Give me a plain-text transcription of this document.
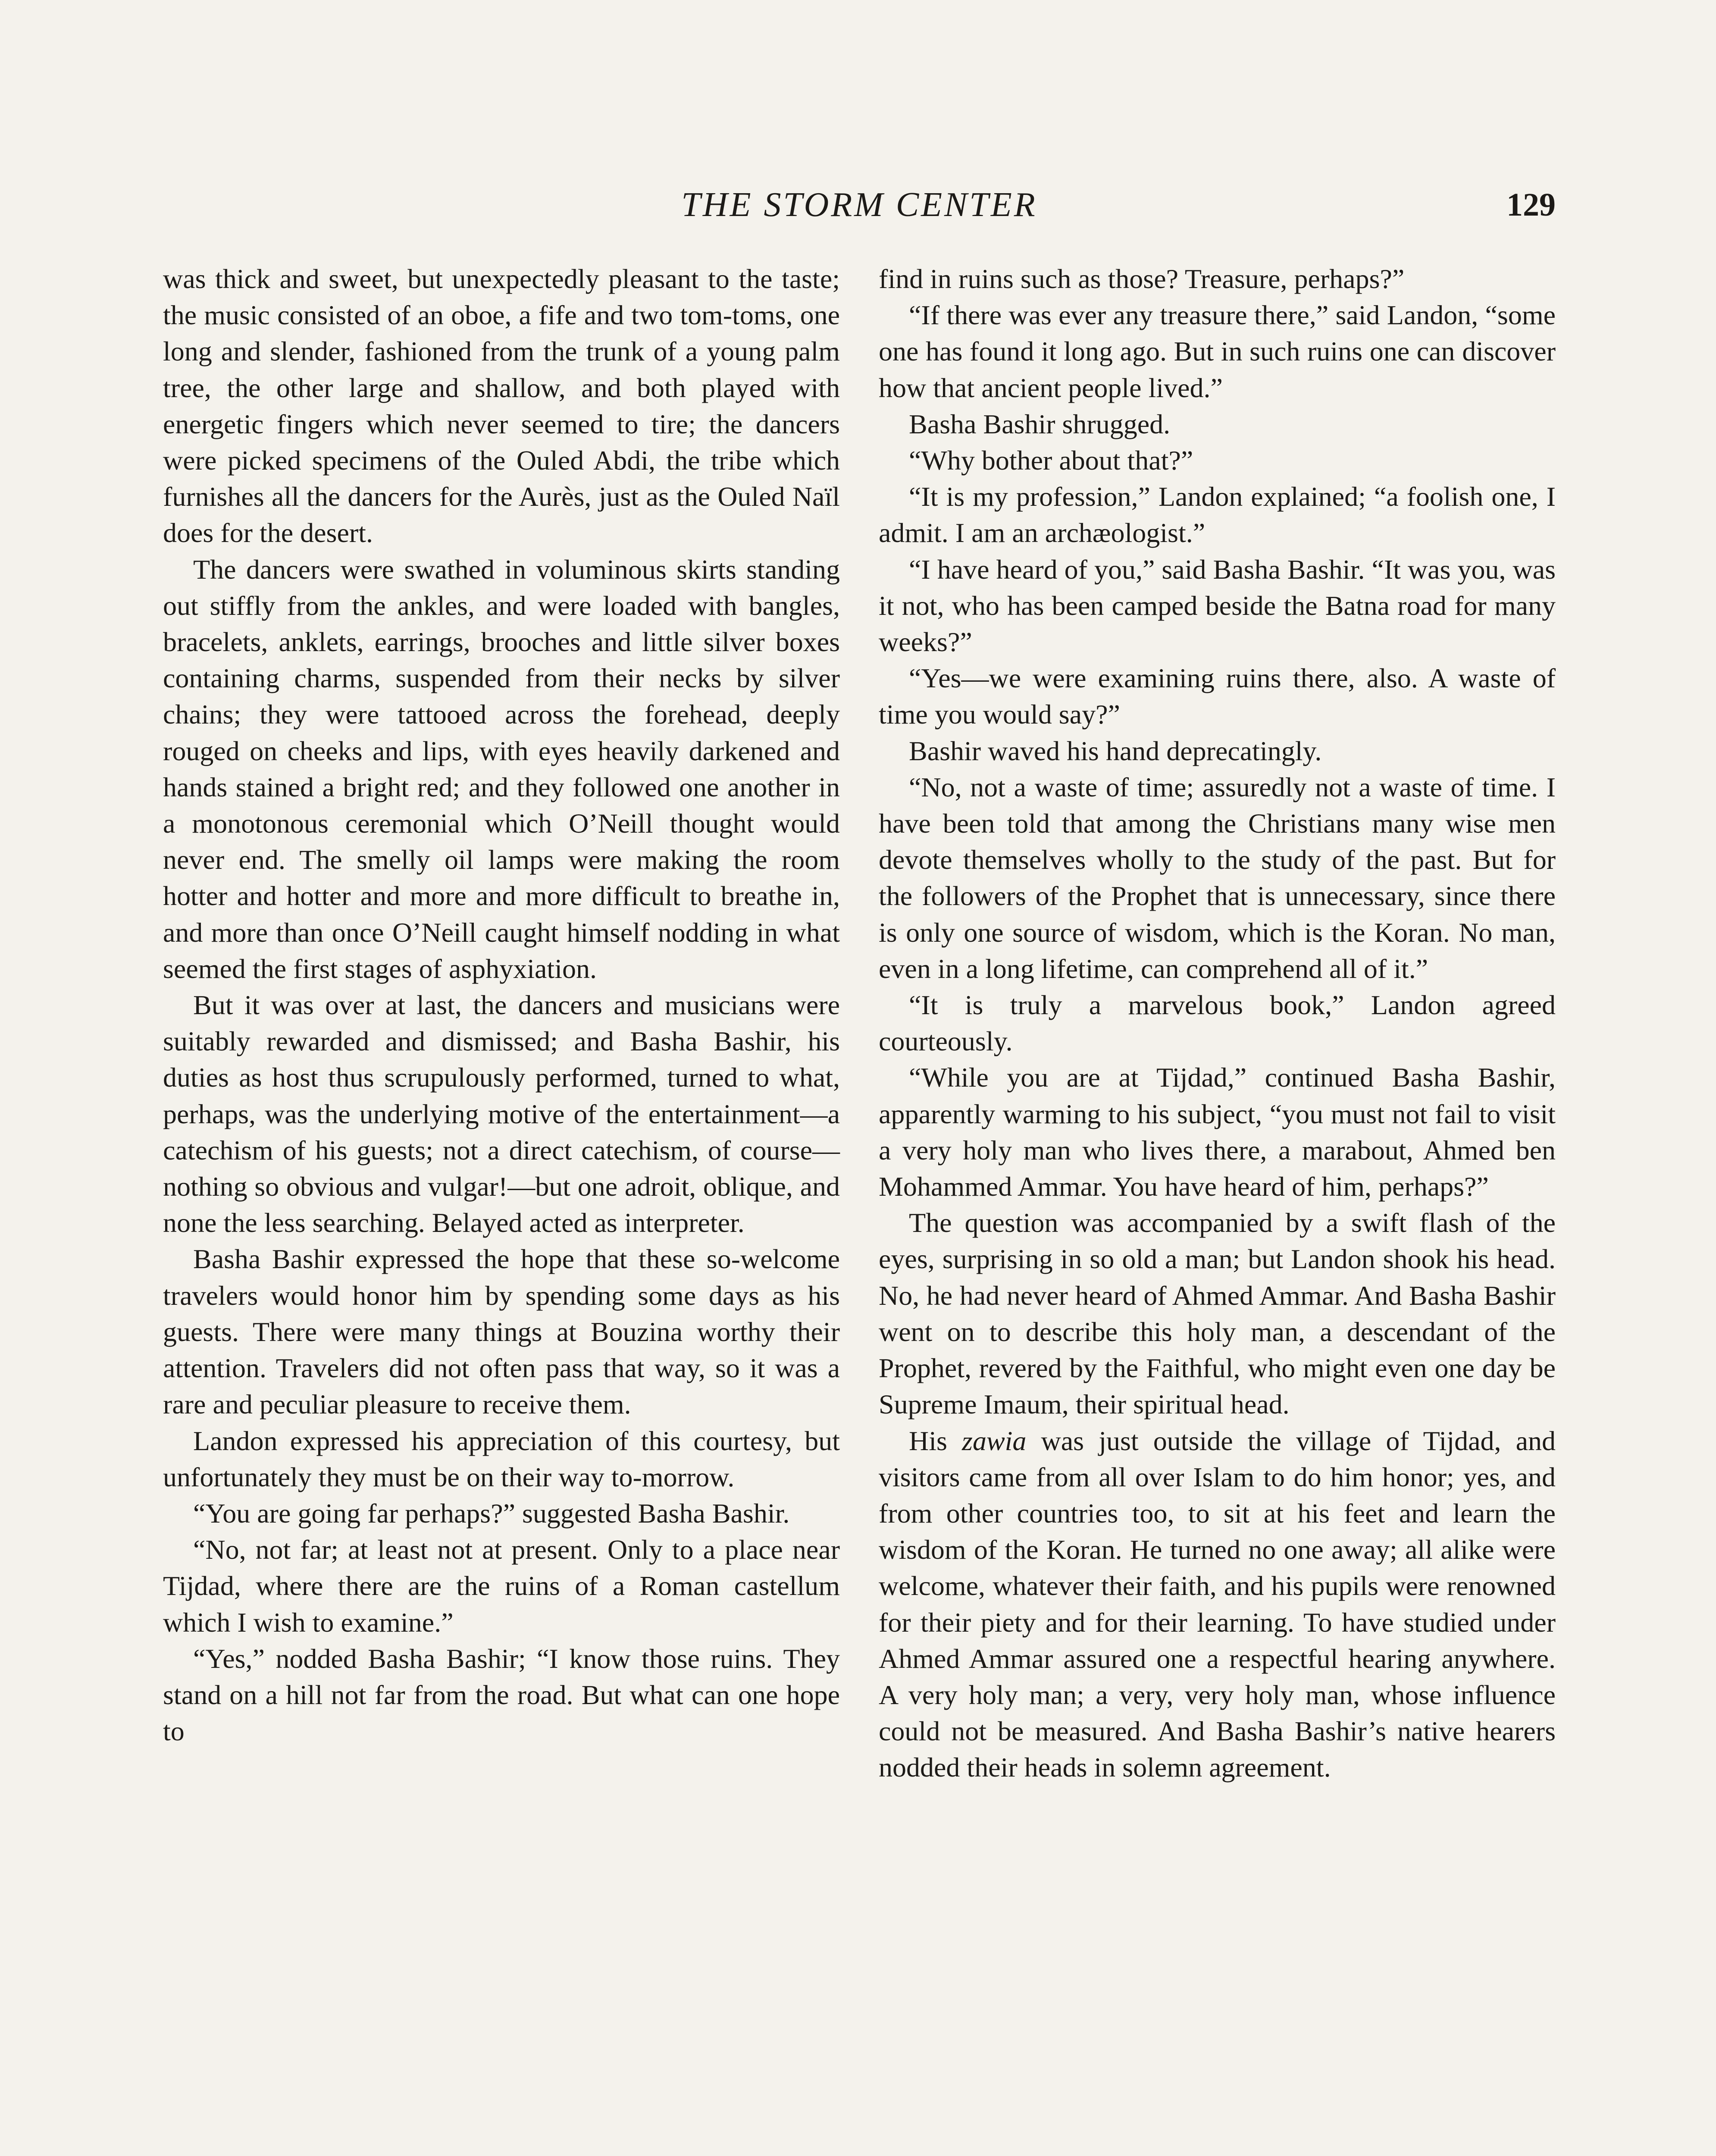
THE STORM CENTER	129

was thick and sweet, but unexpectedly pleasant to the taste; the music consisted of an oboe, a fife and two tom-toms, one long and slender, fashioned from the trunk of a young palm tree, the other large and shallow, and both played with energetic fingers which never seemed to tire; the dancers were picked specimens of the Ouled Abdi, the tribe which furnishes all the dancers for the Aurès, just as the Ouled Naïl does for the desert.

The dancers were swathed in voluminous skirts standing out stiffly from the ankles, and were loaded with bangles, bracelets, anklets, earrings, brooches and little silver boxes containing charms, suspended from their necks by silver chains; they were tattooed across the forehead, deeply rouged on cheeks and lips, with eyes heavily darkened and hands stained a bright red; and they followed one another in a monotonous ceremonial which O’Neill thought would never end. The smelly oil lamps were making the room hotter and hotter and more and more difficult to breathe in, and more than once O’Neill caught himself nodding in what seemed the first stages of asphyxiation.

But it was over at last, the dancers and musicians were suitably rewarded and dismissed; and Basha Bashir, his duties as host thus scrupulously performed, turned to what, perhaps, was the underlying motive of the entertainment—a catechism of his guests; not a direct catechism, of course—nothing so obvious and vulgar!—but one adroit, oblique, and none the less searching. Belayed acted as interpreter.

Basha Bashir expressed the hope that these so-welcome travelers would honor him by spending some days as his guests. There were many things at Bouzina worthy their attention. Travelers did not often pass that way, so it was a rare and peculiar pleasure to receive them.

Landon expressed his appreciation of this courtesy, but unfortunately they must be on their way to-morrow.

“You are going far perhaps?” suggested Basha Bashir.

“No, not far; at least not at present. Only to a place near Tijdad, where there are the ruins of a Roman castellum which I wish to examine.”

“Yes,” nodded Basha Bashir; “I know those ruins. They stand on a hill not far from the road. But what can one hope to

find in ruins such as those? Treasure, perhaps?”

“If there was ever any treasure there,” said Landon, “some one has found it long ago. But in such ruins one can discover how that ancient people lived.”

Basha Bashir shrugged.

“Why bother about that?”

“It is my profession,” Landon explained; “a foolish one, I admit. I am an archæologist.”

“I have heard of you,” said Basha Bashir. “It was you, was it not, who has been camped beside the Batna road for many weeks?”

“Yes—we were examining ruins there, also. A waste of time you would say?”

Bashir waved his hand deprecatingly.

“No, not a waste of time; assuredly not a waste of time. I have been told that among the Christians many wise men devote themselves wholly to the study of the past. But for the followers of the Prophet that is unnecessary, since there is only one source of wisdom, which is the Koran. No man, even in a long lifetime, can comprehend all of it.”

“It is truly a marvelous book,” Landon agreed courteously.

“While you are at Tijdad,” continued Basha Bashir, apparently warming to his subject, “you must not fail to visit a very holy man who lives there, a marabout, Ahmed ben Mohammed Ammar. You have heard of him, perhaps?”

The question was accompanied by a swift flash of the eyes, surprising in so old a man; but Landon shook his head. No, he had never heard of Ahmed Ammar. And Basha Bashir went on to describe this holy man, a descendant of the Prophet, revered by the Faithful, who might even one day be Supreme Imaum, their spiritual head.

His zawia was just outside the village of Tijdad, and visitors came from all over Islam to do him honor; yes, and from other countries too, to sit at his feet and learn the wisdom of the Koran. He turned no one away; all alike were welcome, whatever their faith, and his pupils were renowned for their piety and for their learning. To have studied under Ahmed Ammar assured one a respectful hearing anywhere. A very holy man; a very, very holy man, whose influence could not be measured. And Basha Bashir’s native hearers nodded their heads in solemn agreement.
